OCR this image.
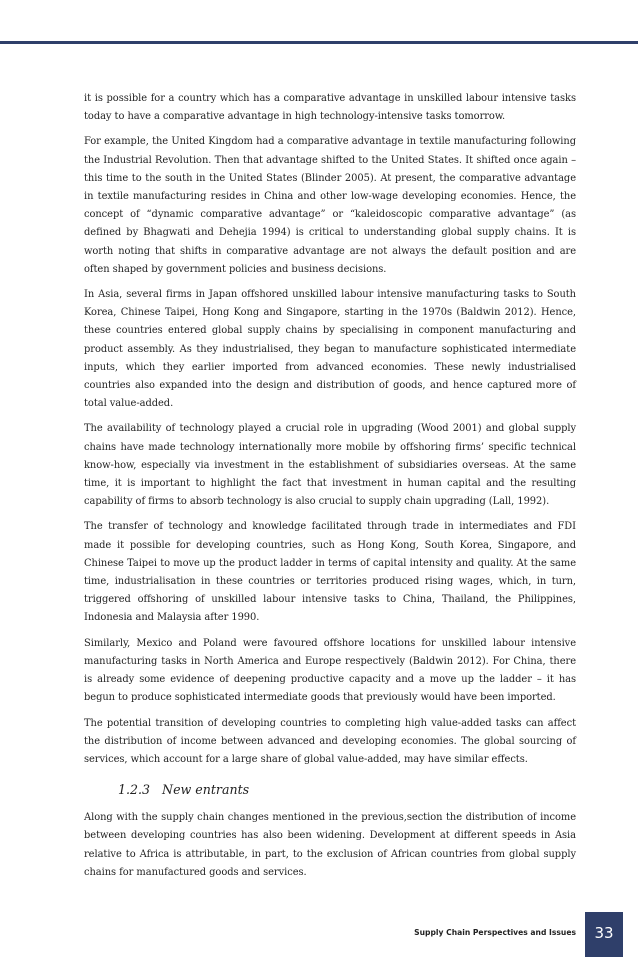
it is possible for a country which has a comparative advantage in unskilled labour intensive tasks today to have a comparative advantage in high technology-intensive tasks tomorrow.

For example, the United Kingdom had a comparative advantage in textile manufacturing following the Industrial Revolution. Then that advantage shifted to the United States. It shifted once again – this time to the south in the United States (Blinder 2005). At present, the comparative advantage in textile manufacturing resides in China and other low-wage developing economies. Hence, the concept of “dynamic comparative advantage” or “kaleidoscopic comparative advantage” (as defined by Bhagwati and Dehejia 1994) is critical to understanding global supply chains. It is worth noting that shifts in comparative advantage are not always the default position and are often shaped by government policies and business decisions.

In Asia, several firms in Japan offshored unskilled labour intensive manufacturing tasks to South Korea, Chinese Taipei, Hong Kong and Singapore, starting in the 1970s (Baldwin 2012). Hence, these countries entered global supply chains by specialising in component manufacturing and product assembly. As they industrialised, they began to manufacture sophisticated intermediate inputs, which they earlier imported from advanced economies. These newly industrialised countries also expanded into the design and distribution of goods, and hence captured more of total value-added.

The availability of technology played a crucial role in upgrading (Wood 2001) and global supply chains have made technology internationally more mobile by offshoring firms’ specific technical know-how, especially via investment in the establishment of subsidiaries overseas. At the same time, it is important to highlight the fact that investment in human capital and the resulting capability of firms to absorb technology is also crucial to supply chain upgrading (Lall, 1992).

The transfer of technology and knowledge facilitated through trade in intermediates and FDI made it possible for developing countries, such as Hong Kong, South Korea, Singapore, and Chinese Taipei to move up the product ladder in terms of capital intensity and quality. At the same time, industrialisation in these countries or territories produced rising wages, which, in turn, triggered offshoring of unskilled labour intensive tasks to China, Thailand, the Philippines, Indonesia and Malaysia after 1990.

Similarly, Mexico and Poland were favoured offshore locations for unskilled labour intensive manufacturing tasks in North America and Europe respectively (Baldwin 2012). For China, there is already some evidence of deepening productive capacity and a move up the ladder – it has begun to produce sophisticated intermediate goods that previously would have been imported.

The potential transition of developing countries to completing high value-added tasks can affect the distribution of income between advanced and developing economies. The global sourcing of services, which account for a large share of global value-added, may have similar effects.

1.2.3   New entrants

Along with the supply chain changes mentioned in the previous,section the distribution of income between developing countries has also been widening. Development at different speeds in Asia relative to Africa is attributable, in part, to the exclusion of African countries from global supply chains for manufactured goods and services.

Supply Chain Perspectives and Issues	33
